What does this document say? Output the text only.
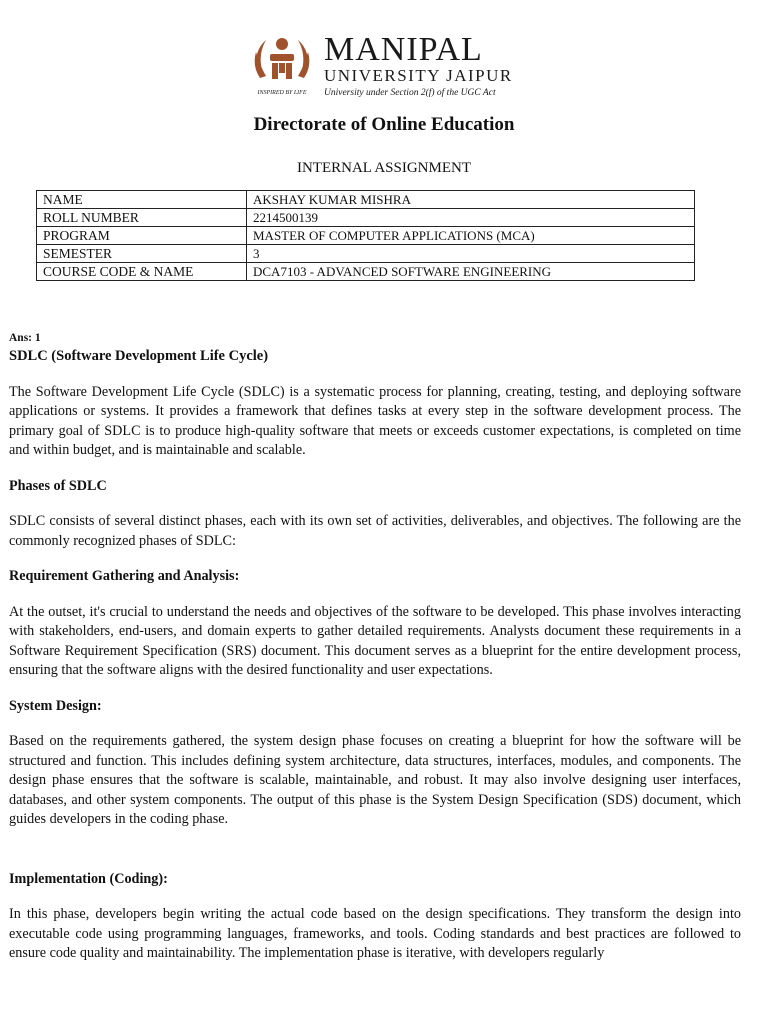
INSPIRED BY LIFE
MANIPAL
UNIVERSITY JAIPUR
University under Section 2(f) of the UGC Act
Directorate of Online Education
INTERNAL ASSIGNMENT
NAME	AKSHAY KUMAR MISHRA
ROLL NUMBER	2214500139
PROGRAM	MASTER OF COMPUTER APPLICATIONS (MCA)
SEMESTER	3
COURSE CODE & NAME	DCA7103 - ADVANCED SOFTWARE ENGINEERING
Ans: 1
SDLC (Software Development Life Cycle)

The Software Development Life Cycle (SDLC) is a systematic process for planning, creating, testing, and deploying software applications or systems. It provides a framework that defines tasks at every step in the software development process. The primary goal of SDLC is to produce high-quality software that meets or exceeds customer expectations, is completed on time and within budget, and is maintainable and scalable.

Phases of SDLC

SDLC consists of several distinct phases, each with its own set of activities, deliverables, and objectives. The following are the commonly recognized phases of SDLC:

Requirement Gathering and Analysis:

At the outset, it's crucial to understand the needs and objectives of the software to be developed. This phase involves interacting with stakeholders, end-users, and domain experts to gather detailed requirements. Analysts document these requirements in a Software Requirement Specification (SRS) document. This document serves as a blueprint for the entire development process, ensuring that the software aligns with the desired functionality and user expectations.

System Design:

Based on the requirements gathered, the system design phase focuses on creating a blueprint for how the software will be structured and function. This includes defining system architecture, data structures, interfaces, modules, and components. The design phase ensures that the software is scalable, maintainable, and robust. It may also involve designing user interfaces, databases, and other system components. The output of this phase is the System Design Specification (SDS) document, which guides developers in the coding phase.

Implementation (Coding):

In this phase, developers begin writing the actual code based on the design specifications. They transform the design into executable code using programming languages, frameworks, and tools. Coding standards and best practices are followed to ensure code quality and maintainability. The implementation phase is iterative, with developers regularly
